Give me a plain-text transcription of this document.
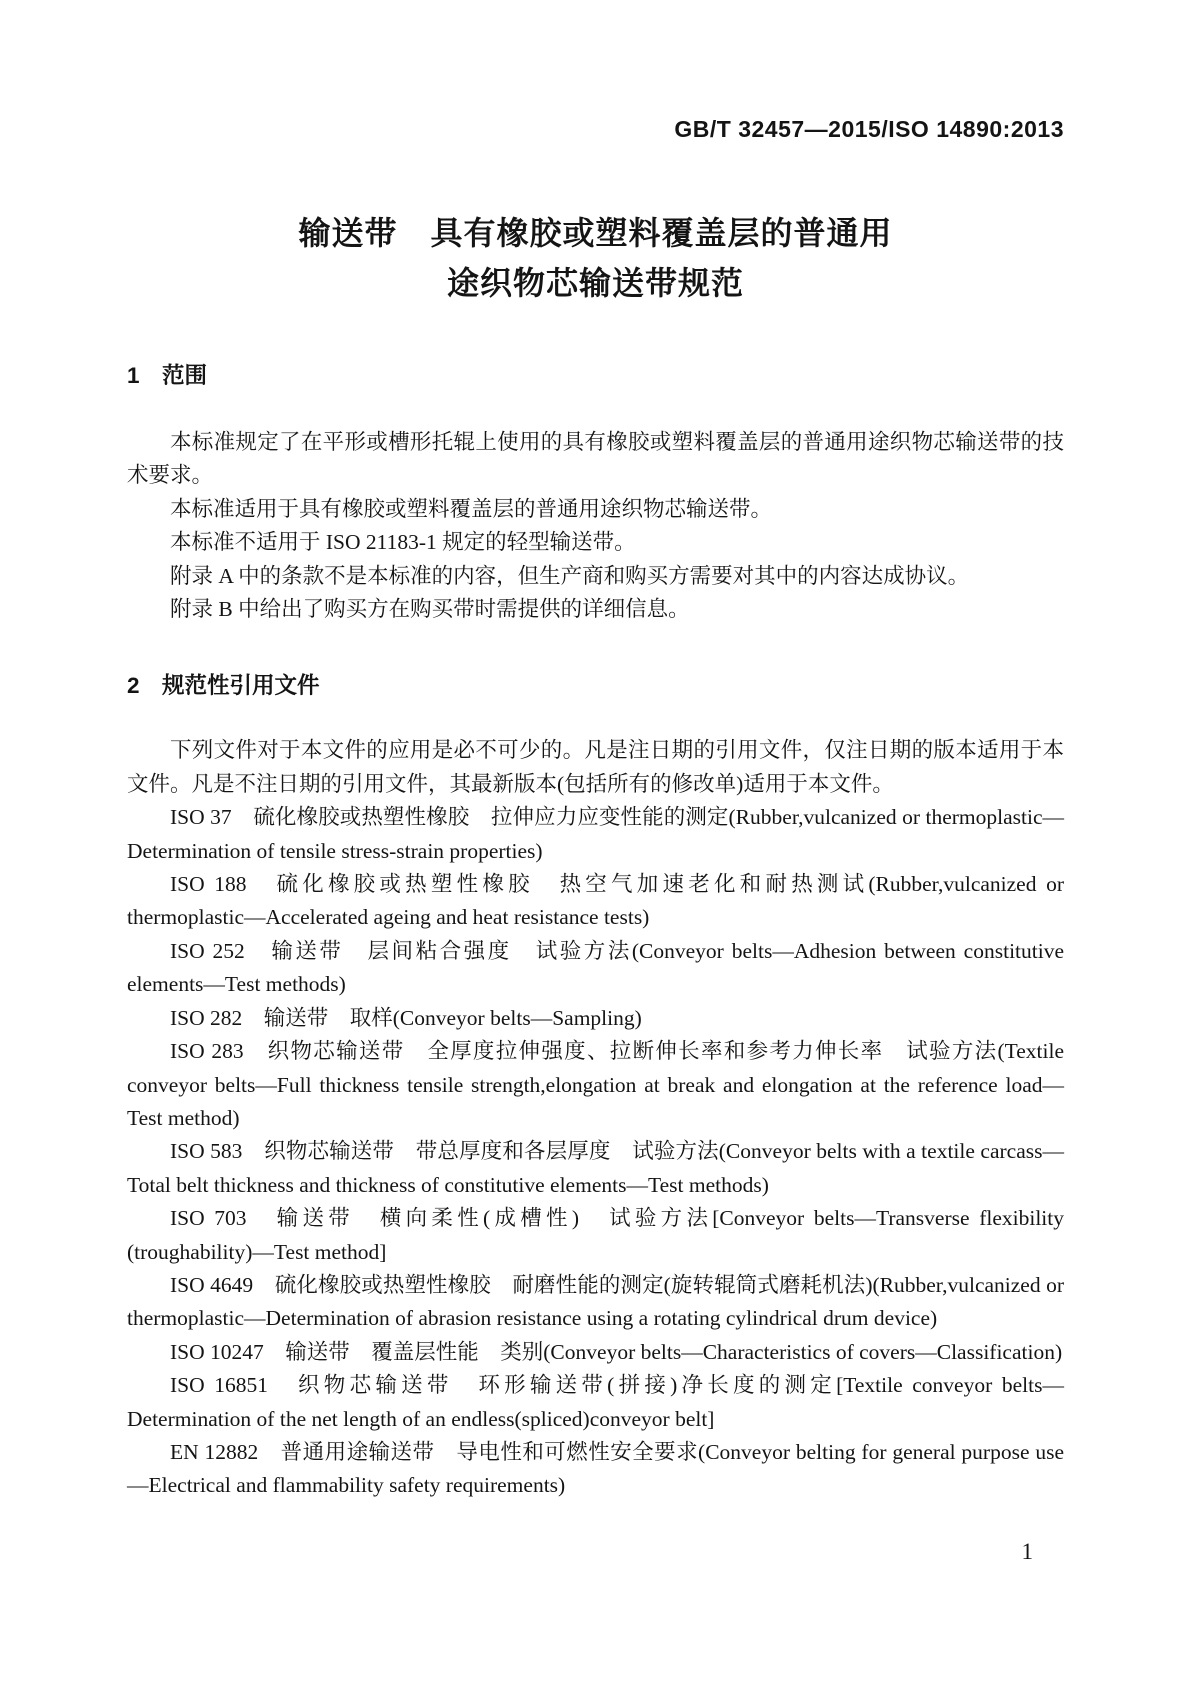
GB/T 32457—2015/ISO 14890:2013
输送带　具有橡胶或塑料覆盖层的普通用
途织物芯输送带规范
1 范围

本标准规定了在平形或槽形托辊上使用的具有橡胶或塑料覆盖层的普通用途织物芯输送带的技术要求。

本标准适用于具有橡胶或塑料覆盖层的普通用途织物芯输送带。

本标准不适用于 ISO 21183-1 规定的轻型输送带。

附录 A 中的条款不是本标准的内容，但生产商和购买方需要对其中的内容达成协议。

附录 B 中给出了购买方在购买带时需提供的详细信息。

2 规范性引用文件

下列文件对于本文件的应用是必不可少的。凡是注日期的引用文件，仅注日期的版本适用于本文件。凡是不注日期的引用文件，其最新版本(包括所有的修改单)适用于本文件。

ISO 37　硫化橡胶或热塑性橡胶　拉伸应力应变性能的测定(Rubber,vulcanized or thermoplastic—Determination of tensile stress-strain properties)

ISO 188　硫化橡胶或热塑性橡胶　热空气加速老化和耐热测试(Rubber,vulcanized or thermoplastic—Accelerated ageing and heat resistance tests)

ISO 252　输送带　层间粘合强度　试验方法(Conveyor belts—Adhesion between constitutive elements—Test methods)

ISO 282　输送带　取样(Conveyor belts—Sampling)

ISO 283　织物芯输送带　全厚度拉伸强度、拉断伸长率和参考力伸长率　试验方法(Textile conveyor belts—Full thickness tensile strength,elongation at break and elongation at the reference load—Test method)

ISO 583　织物芯输送带　带总厚度和各层厚度　试验方法(Conveyor belts with a textile carcass—Total belt thickness and thickness of constitutive elements—Test methods)

ISO 703　输送带　横向柔性(成槽性)　试验方法[Conveyor belts—Transverse flexibility (troughability)—Test method]

ISO 4649　硫化橡胶或热塑性橡胶　耐磨性能的测定(旋转辊筒式磨耗机法)(Rubber,vulcanized or thermoplastic—Determination of abrasion resistance using a rotating cylindrical drum device)

ISO 10247　输送带　覆盖层性能　类别(Conveyor belts—Characteristics of covers—Classification)

ISO 16851　织物芯输送带　环形输送带(拼接)净长度的测定[Textile conveyor belts—Determination of the net length of an endless(spliced)conveyor belt]

EN 12882　普通用途输送带　导电性和可燃性安全要求(Conveyor belting for general purpose use—Electrical and flammability safety requirements)

1
